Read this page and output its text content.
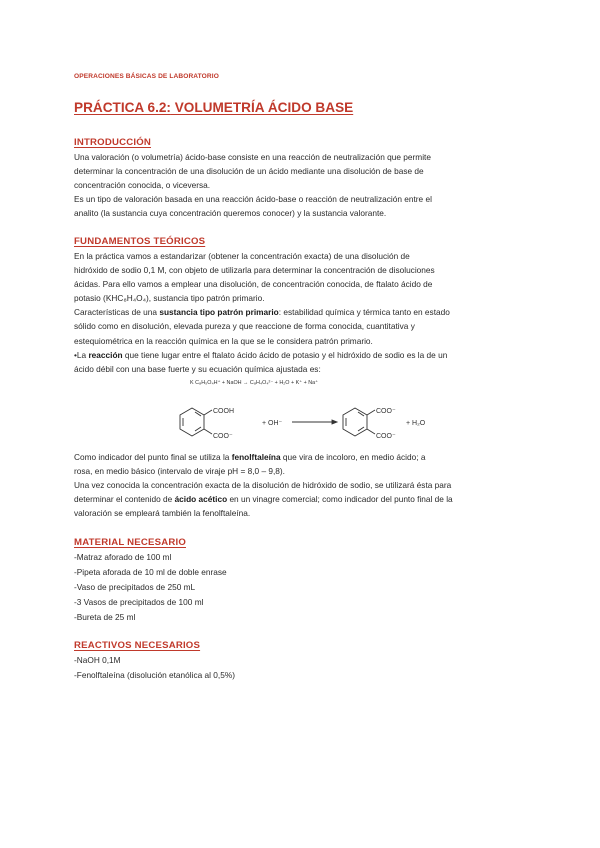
OPERACIONES BÁSICAS DE LABORATORIO
PRÁCTICA 6.2: VOLUMETRÍA ÁCIDO BASE
INTRODUCCIÓN

Una valoración (o volumetría) ácido-base consiste en una reacción de neutralización que permite

determinar la concentración de una disolución de un ácido mediante una disolución de base de

concentración conocida, o viceversa.

Es un tipo de valoración basada en una reacción ácido-base o reacción de neutralización entre el

analito (la sustancia cuya concentración queremos conocer) y la sustancia valorante.

FUNDAMENTOS TEÓRICOS

En la práctica vamos a estandarizar (obtener la concentración exacta) de una disolución de

hidróxido de sodio 0,1 M, con objeto de utilizarla para determinar la concentración de disoluciones

ácidas. Para ello vamos a emplear una disolución, de concentración conocida, de ftalato ácido de

potasio (KHC₈H₄O₄), sustancia tipo patrón primario.

Características de una sustancia tipo patrón primario: estabilidad química y térmica tanto en estado

sólido como en disolución, elevada pureza y que reaccione de forma conocida, cuantitativa y

estequiométrica en la reacción química en la que se le considera patrón primario.

•La reacción que tiene lugar entre el ftalato ácido ácido de potasio y el hidróxido de sodio es la de un

ácido débil con una base fuerte y su ecuación química ajustada es:

K C₈H₅O₄H⁺ + NaOH → C₈H₄O₄²⁻ + H₂O + K⁺ + Na⁺
COOH
COO⁻
+ OH⁻
COO⁻
COO⁻
+ H₂O

Como indicador del punto final se utiliza la fenolftaleína que vira de incoloro, en medio ácido; a

rosa, en medio básico (intervalo de viraje pH = 8,0 – 9,8).

Una vez conocida la concentración exacta de la disolución de hidróxido de sodio, se utilizará ésta para

determinar el contenido de ácido acético en un vinagre comercial; como indicador del punto final de la

valoración se empleará también la fenolftaleína.

MATERIAL NECESARIO
-Matraz aforado de 100 ml
-Pipeta aforada de 10 ml de doble enrase
-Vaso de precipitados de 250 mL
-3 Vasos de precipitados de 100 ml
-Bureta de 25 ml
REACTIVOS NECESARIOS
-NaOH 0,1M
-Fenolftaleína (disolución etanólica al 0,5%)
